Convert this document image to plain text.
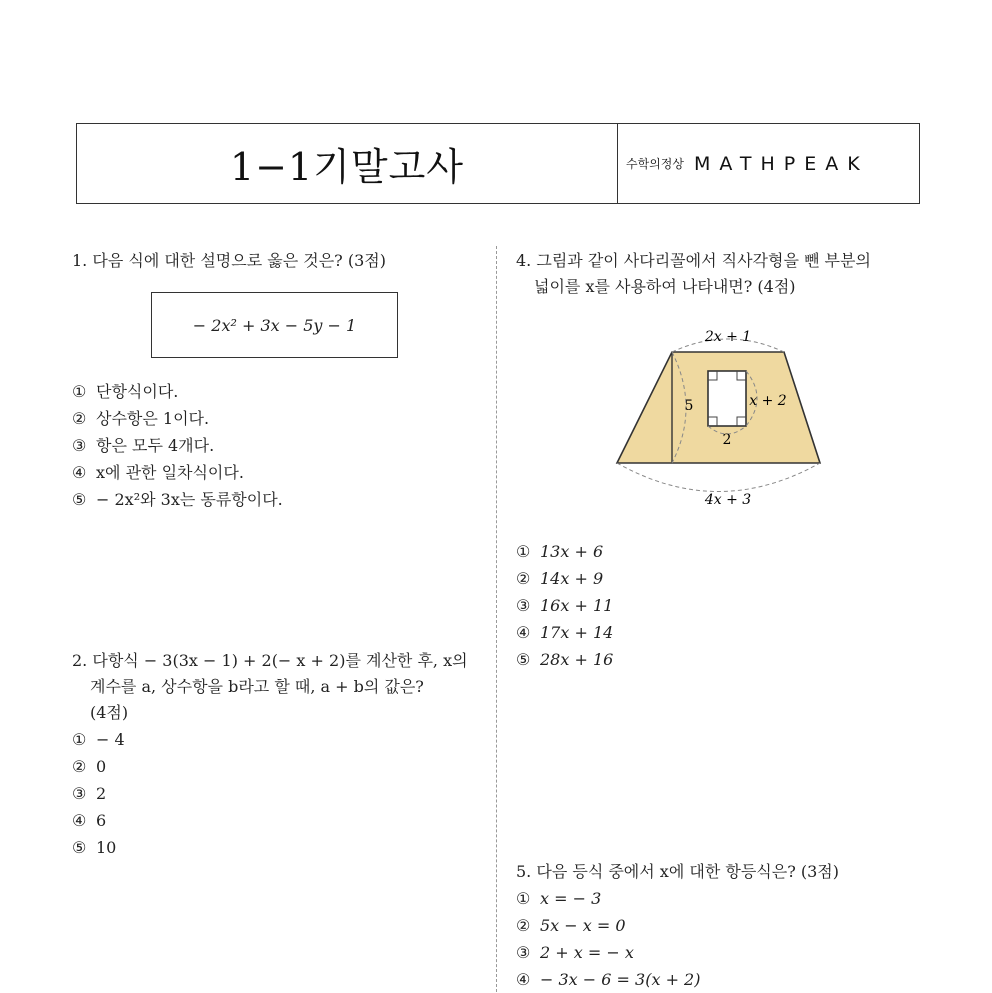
1−1기말고사	수학의정상 MATHPEAK
1. 다음 식에 대한 설명으로 옳은 것은? (3점)
− 2x² + 3x − 5y − 1
① 단항식이다.
② 상수항은 1이다.
③ 항은 모두 4개다.
④ x에 관한 일차식이다.
⑤ − 2x²와 3x는 동류항이다.
2. 다항식 − 3(3x − 1) + 2(− x + 2)를 계산한 후, x의
계수를 a, 상수항을 b라고 할 때, a + b의 값은?
(4점)
① − 4
② 0
③ 2
④ 6
⑤ 10
4. 그림과 같이 사다리꼴에서 직사각형을 뺀 부분의
넓이를 x를 사용하여 나타내면? (4점)
2x + 1
4x + 3
5	x + 2
2
① 13x + 6
② 14x + 9
③ 16x + 11
④ 17x + 14
⑤ 28x + 16
5. 다음 등식 중에서 x에 대한 항등식은? (3점)
① x = − 3
② 5x − x = 0
③ 2 + x = − x
④ − 3x − 6 = 3(x + 2)
